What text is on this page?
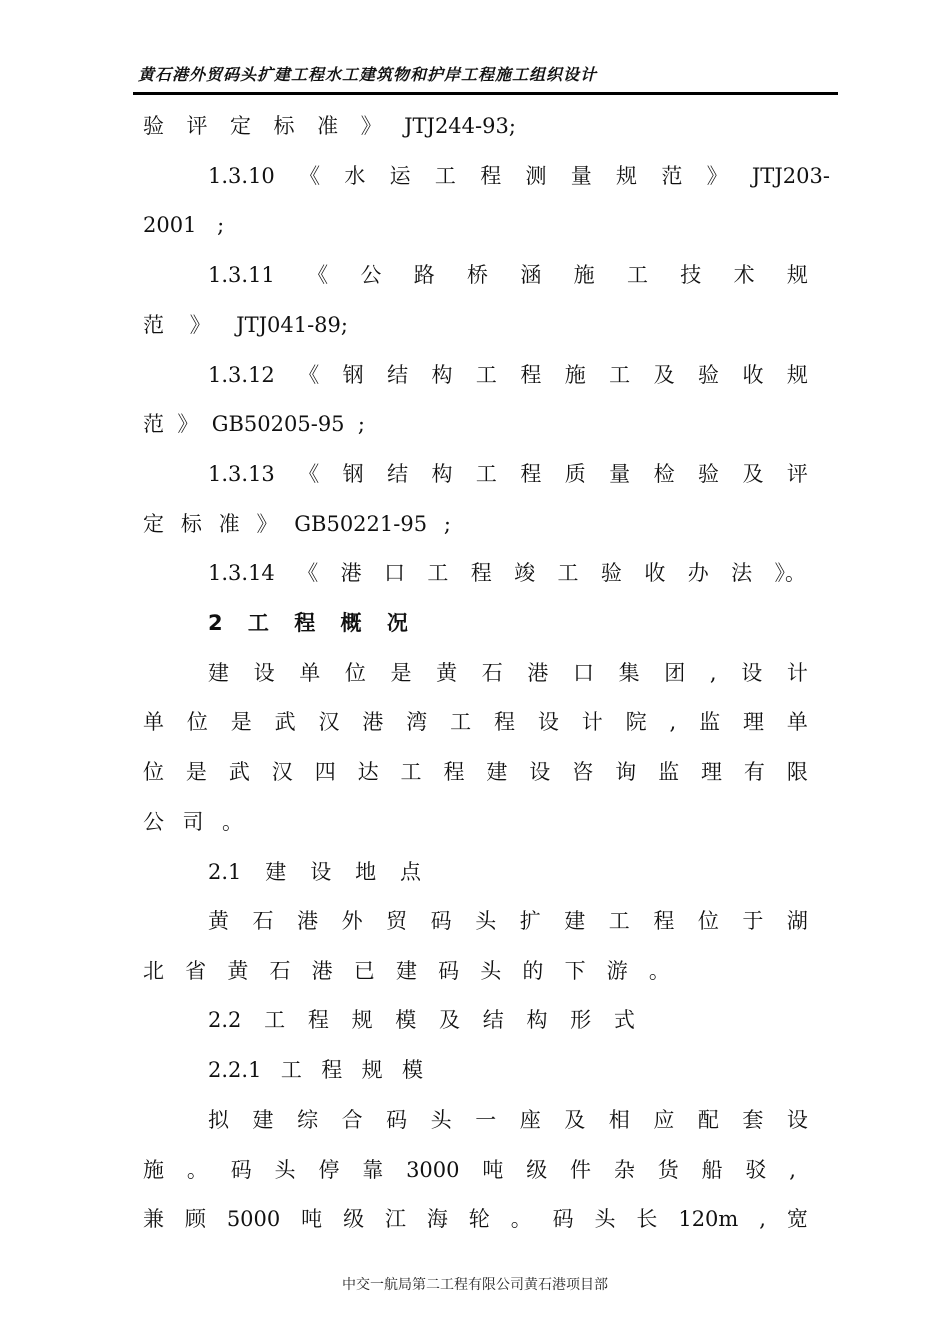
黄石港外贸码头扩建工程水工建筑物和护岸工程施工组织设计
验 评 定 标 准 》 JTJ244-93;
1.3.10 《 水 运 工 程 测 量 规 范 》 JTJ203-
2001 ;
1.3.11 《 公 路 桥 涵 施 工 技 术 规
范 》 JTJ041-89;
1.3.12 《 钢 结 构 工 程 施 工 及 验 收 规
范 》 GB50205-95 ;
1.3.13 《 钢 结 构 工 程 质 量 检 验 及 评
定 标 准 》 GB50221-95 ;
1.3.14 《 港 口 工 程 竣 工 验 收 办 法 》。
2 工 程 概 况
建 设 单 位 是 黄 石 港 口 集 团 , 设 计
单 位 是 武 汉 港 湾 工 程 设 计 院 , 监 理 单
位 是 武 汉 四 达 工 程 建 设 咨 询 监 理 有 限
公 司 。
2.1 建 设 地 点
黄 石 港 外 贸 码 头 扩 建 工 程 位 于 湖
北 省 黄 石 港 已 建 码 头 的 下 游 。
2.2 工 程 规 模 及 结 构 形 式
2.2.1 工 程 规 模
拟 建 综 合 码 头 一 座 及 相 应 配 套 设
施 。 码 头 停 靠 3000 吨 级 件 杂 货 船 驳 ,
兼 顾 5000 吨 级 江 海 轮 。 码 头 长 120m , 宽
中交一航局第二工程有限公司黄石港项目部
